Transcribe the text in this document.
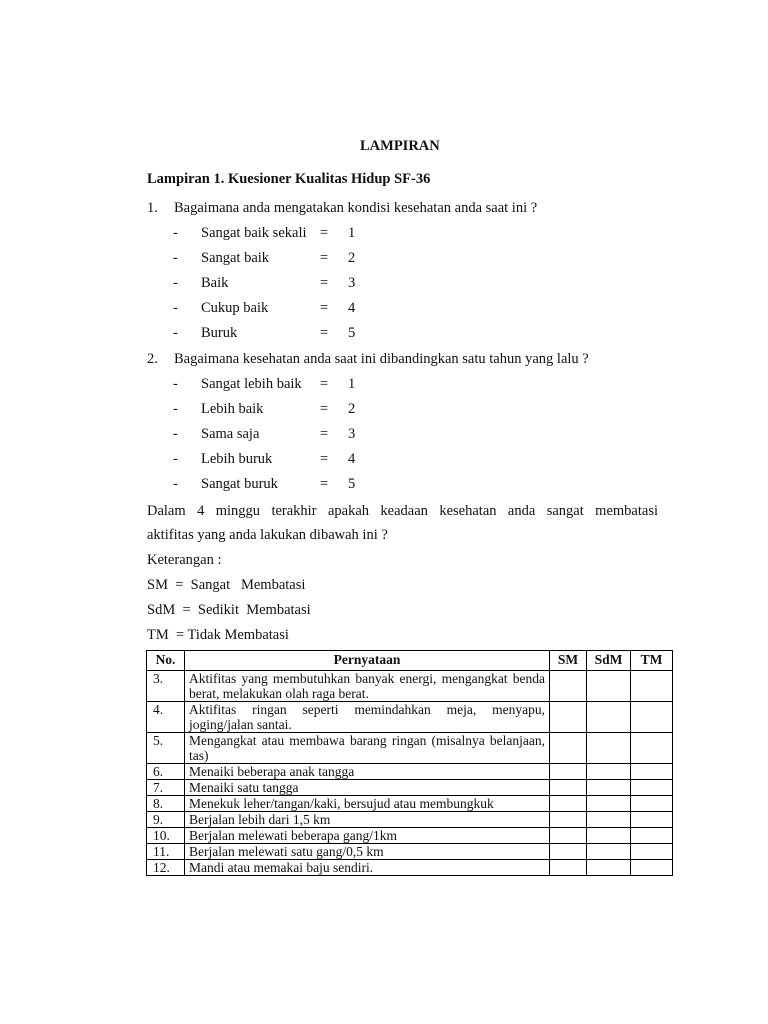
LAMPIRAN
Lampiran 1. Kuesioner Kualitas Hidup SF-36
1. Bagaimana anda mengatakan kondisi kesehatan anda saat ini ?
- Sangat baik sekali = 1
- Sangat baik	= 2
- Baik	= 3
- Cukup baik	= 4
- Buruk	= 5
2. Bagaimana kesehatan anda saat ini dibandingkan satu tahun yang lalu ?
- Sangat lebih baik = 1
- Lebih baik	= 2
- Sama saja	= 3
- Lebih buruk	= 4
- Sangat buruk	= 5
Dalam 4 minggu terakhir apakah keadaan kesehatan anda sangat membatasi
aktifitas yang anda lakukan dibawah ini ?
Keterangan :
SM  =  Sangat   Membatasi
SdM  =  Sedikit  Membatasi
TM  = Tidak Membatasi
No.	Pernyataan	SM	SdM	TM
3.	Aktifitas yang membutuhkan banyak energi, mengangkat benda berat, melakukan olah raga berat.			
4.	Aktifitas ringan seperti memindahkan meja, menyapu, joging/jalan santai.			
5.	Mengangkat atau membawa barang ringan (misalnya belanjaan, tas)			
6.	Menaiki beberapa anak tangga			
7.	Menaiki satu tangga			
8.	Menekuk leher/tangan/kaki, bersujud atau membungkuk			
9.	Berjalan lebih dari 1,5 km			
10.	Berjalan melewati beberapa gang/1km			
11.	Berjalan melewati satu gang/0,5 km			
12.	Mandi atau memakai baju sendiri.			
